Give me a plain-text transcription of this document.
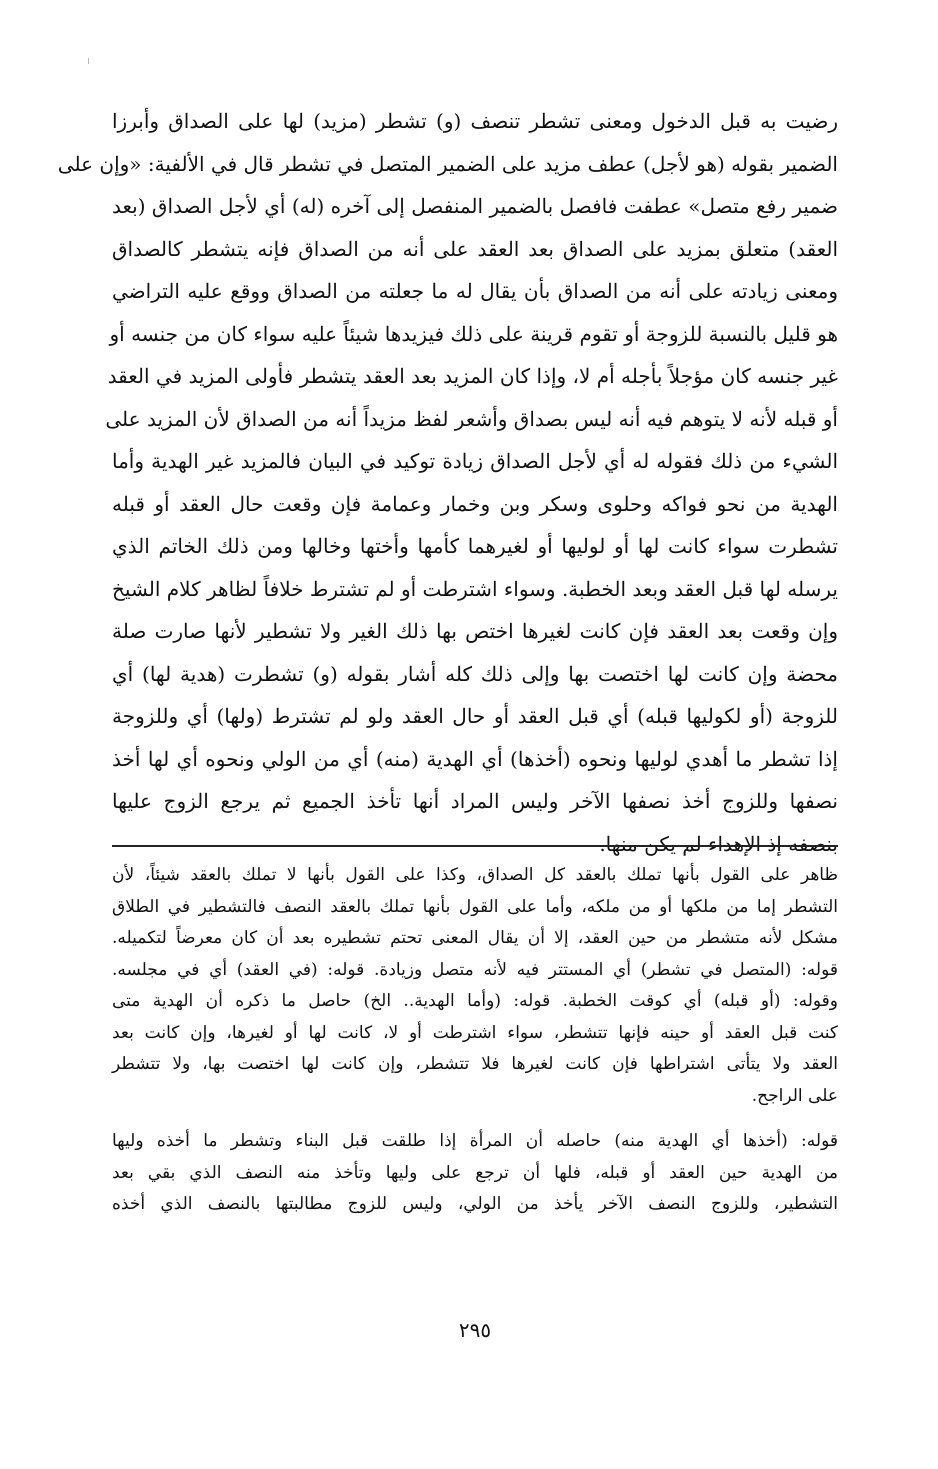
رضيت به قبل الدخول ومعنى تشطر تنصف (و) تشطر (مزيد) لها على الصداق وأبرزا
الضمير بقوله (هو لأجل) عطف مزيد على الضمير المتصل في تشطر قال في الألفية: «وإن على
ضمير رفع متصل» عطفت فافصل بالضمير المنفصل إلى آخره (له) أي لأجل الصداق (بعد
العقد) متعلق بمزيد على الصداق بعد العقد على أنه من الصداق فإنه يتشطر كالصداق
ومعنى زيادته على أنه من الصداق بأن يقال له ما جعلته من الصداق ووقع عليه التراضي
هو قليل بالنسبة للزوجة أو تقوم قرينة على ذلك فيزيدها شيئاً عليه سواء كان من جنسه أو
غير جنسه كان مؤجلاً بأجله أم لا، وإذا كان المزيد بعد العقد يتشطر فأولى المزيد في العقد
أو قبله لأنه لا يتوهم فيه أنه ليس بصداق وأشعر لفظ مزيداً أنه من الصداق لأن المزيد على
الشيء من ذلك فقوله له أي لأجل الصداق زيادة توكيد في البيان فالمزيد غير الهدية وأما
الهدية من نحو فواكه وحلوى وسكر وبن وخمار وعمامة فإن وقعت حال العقد أو قبله
تشطرت سواء كانت لها أو لوليها أو لغيرهما كأمها وأختها وخالها ومن ذلك الخاتم الذي
يرسله لها قبل العقد وبعد الخطبة. وسواء اشترطت أو لم تشترط خلافاً لظاهر كلام الشيخ
وإن وقعت بعد العقد فإن كانت لغيرها اختص بها ذلك الغير ولا تشطير لأنها صارت صلة
محضة وإن كانت لها اختصت بها وإلى ذلك كله أشار بقوله (و) تشطرت (هدية لها) أي
للزوجة (أو لكوليها قبله) أي قبل العقد أو حال العقد ولو لم تشترط (ولها) أي وللزوجة
إذا تشطر ما أهدي لوليها ونحوه (أخذها) أي الهدية (منه) أي من الولي ونحوه أي لها أخذ
نصفها وللزوج أخذ نصفها الآخر وليس المراد أنها تأخذ الجميع ثم يرجع الزوج عليها
بنصفه إذ الإهداء لم يكن منها.
ظاهر على القول بأنها تملك بالعقد كل الصداق، وكذا على القول بأنها لا تملك بالعقد شيئاً، لأن
التشطر إما من ملكها أو من ملكه، وأما على القول بأنها تملك بالعقد النصف فالتشطير في الطلاق
مشكل لأنه متشطر من حين العقد، إلا أن يقال المعنى تحتم تشطيره بعد أن كان معرضاً لتكميله.
قوله: (المتصل في تشطر) أي المستتر فيه لأنه متصل وزيادة. قوله: (في العقد) أي في مجلسه.
وقوله: (أو قبله) أي كوقت الخطبة. قوله: (وأما الهدية.. الخ) حاصل ما ذكره أن الهدية متى
كنت قبل العقد أو حينه فإنها تتشطر، سواء اشترطت أو لا، كانت لها أو لغيرها، وإن كانت بعد
العقد ولا يتأتى اشتراطها فإن كانت لغيرها فلا تتشطر، وإن كانت لها اختصت بها، ولا تتشطر
على الراجح.
قوله: (أخذها أي الهدية منه) حاصله أن المرأة إذا طلقت قبل البناء وتشطر ما أخذه وليها
من الهدية حين العقد أو قبله، فلها أن ترجع على وليها وتأخذ منه النصف الذي بقي بعد
التشطير، وللزوج النصف الآخر يأخذ من الولي، وليس للزوج مطالبتها بالنصف الذي أخذه
٢٩٥
